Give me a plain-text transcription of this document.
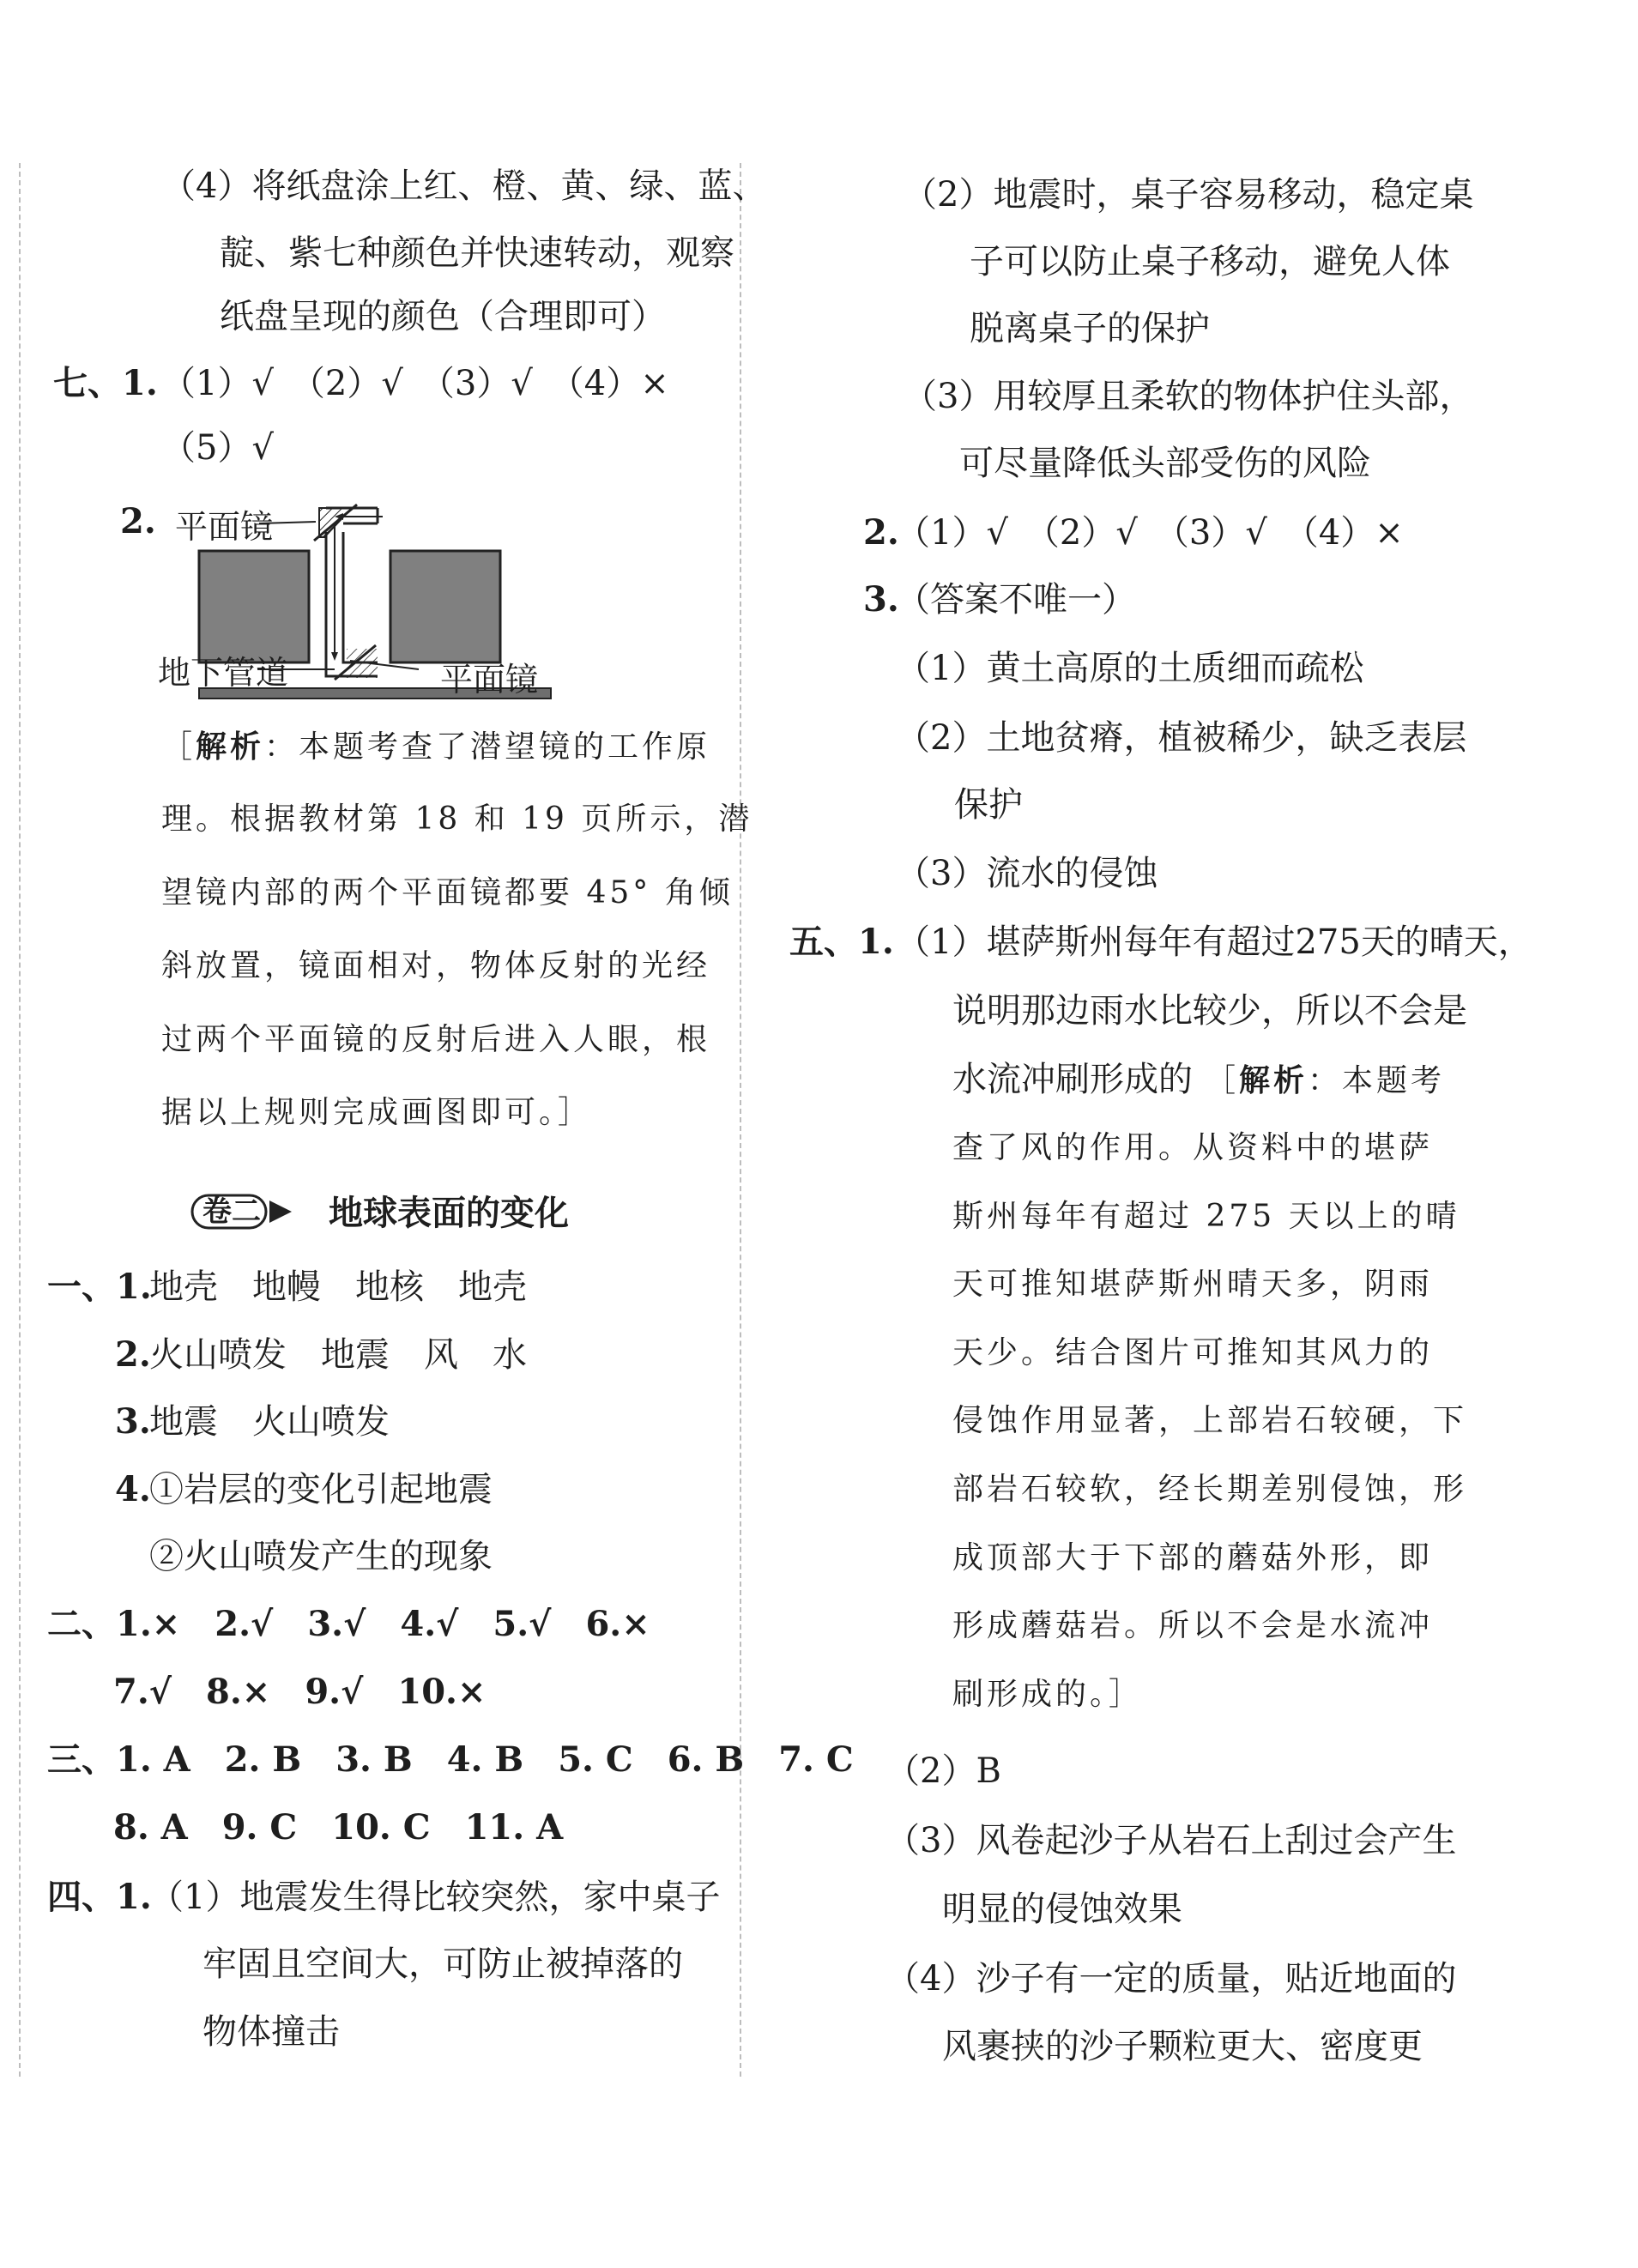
（4）将纸盘涂上红、橙、黄、绿、蓝、
靛、紫七种颜色并快速转动，观察
纸盘呈现的颜色（合理即可）
七、1. （1）√　（2）√　（3）√　（4）×
（5）√
2. 平面镜
地下管道	平面镜
［解析：本题考查了潜望镜的工作原
理。根据教材第 18 和 19 页所示，潜
望镜内部的两个平面镜都要 45° 角倾
斜放置，镜面相对，物体反射的光经
过两个平面镜的反射后进入人眼，根
据以上规则完成画图即可。］
卷二 地球表面的变化
一、1.
地壳　地幔　地核　地壳
2.
火山喷发　地震　风　水
3.
地震　火山喷发
4.
①岩层的变化引起地震
②火山喷发产生的现象
二、1.×　2.√　3.√　4.√　5.√　6.×
7.√　8.×　9.√　10.×
三、1. A　2. B　3. B　4. B　5. C　6. B　7. C
8. A　9. C　10. C　11. A
四、1.
（1）地震发生得比较突然，家中桌子
牢固且空间大，可防止被掉落的
物体撞击
（2）地震时，桌子容易移动，稳定桌
子可以防止桌子移动，避免人体
脱离桌子的保护
（3）用较厚且柔软的物体护住头部，
可尽量降低头部受伤的风险
2.
（1）√　（2）√　（3）√　（4）×
3.
（答案不唯一）
（1）黄土高原的土质细而疏松
（2）土地贫瘠，植被稀少，缺乏表层
保护
（3）流水的侵蚀
五、1. （1）堪萨斯州每年有超过275天的晴天，
说明那边雨水比较少，所以不会是
水流冲刷形成的 ［解析：本题考
查了风的作用。从资料中的堪萨
斯州每年有超过 275 天以上的晴
天可推知堪萨斯州晴天多，阴雨
天少。结合图片可推知其风力的
侵蚀作用显著，上部岩石较硬，下
部岩石较软，经长期差别侵蚀，形
成顶部大于下部的蘑菇外形，即
形成蘑菇岩。所以不会是水流冲
刷形成的。］
（2）B
（3）风卷起沙子从岩石上刮过会产生
明显的侵蚀效果
（4）沙子有一定的质量，贴近地面的
风裹挟的沙子颗粒更大、密度更
